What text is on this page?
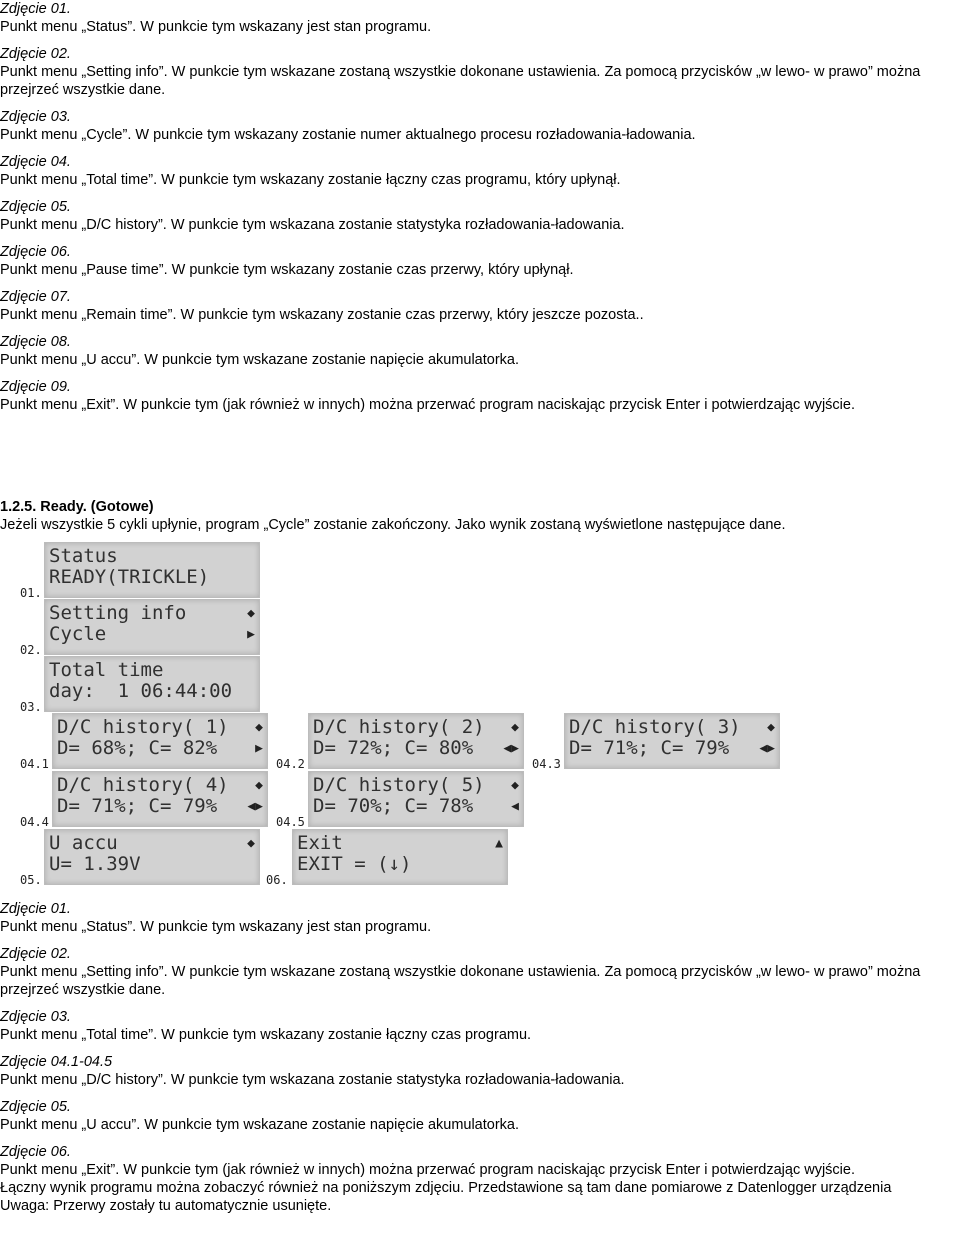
Zdjęcie 01.
Punkt menu „Status”. W punkcie tym wskazany jest stan programu.
Zdjęcie 02.
Punkt menu „Setting info”. W punkcie tym wskazane zostaną wszystkie dokonane ustawienia. Za pomocą przycisków „w lewo- w prawo” można przejrzeć wszystkie dane.
Zdjęcie 03.
Punkt menu „Cycle”. W punkcie tym wskazany zostanie numer aktualnego procesu rozładowania-ładowania.
Zdjęcie 04.
Punkt menu „Total time”. W punkcie tym wskazany zostanie łączny czas programu, który upłynął.
Zdjęcie 05.
Punkt menu „D/C history”. W punkcie tym wskazana zostanie statystyka rozładowania-ładowania.
Zdjęcie 06.
Punkt menu „Pause time”. W punkcie tym wskazany zostanie czas przerwy, który upłynął.
Zdjęcie 07.
Punkt menu „Remain time”. W punkcie tym wskazany zostanie czas przerwy, który jeszcze pozosta..
Zdjęcie 08.
Punkt menu „U accu”. W punkcie tym wskazane zostanie napięcie akumulatorka.
Zdjęcie 09.
Punkt menu „Exit”. W punkcie tym (jak również w innych) można przerwać program naciskając przycisk Enter i potwierdzając wyjście.
1.2.5. Ready. (Gotowe)
Jeżeli wszystkie 5 cykli upłynie, program „Cycle” zostanie zakończony. Jako wynik zostaną wyświetlone następujące dane.
01.
Status
READY(TRICKLE)
02.
Setting info
Cycle
◆
▶
03.
Total time
day:  1 06:44:00
04.1
D/C history( 1)
D= 68%; C= 82%
◆
▶
04.2
D/C history( 2)
D= 72%; C= 80%
◆
◀▶
04.3
D/C history( 3)
D= 71%; C= 79%
◆
◀▶
04.4
D/C history( 4)
D= 71%; C= 79%
◆
◀▶
04.5
D/C history( 5)
D= 70%; C= 78%
◆
◀
05.
U accu
U= 1.39V
◆
06.
Exit
EXIT = (↓)
▲
Zdjęcie 01.
Punkt menu „Status”. W punkcie tym wskazany jest stan programu.
Zdjęcie 02.
Punkt menu „Setting info”. W punkcie tym wskazane zostaną wszystkie dokonane ustawienia. Za pomocą przycisków „w lewo- w prawo” można przejrzeć wszystkie dane.
Zdjęcie 03.
Punkt menu „Total time”. W punkcie tym wskazany zostanie łączny czas programu.
Zdjęcie 04.1-04.5
Punkt menu „D/C history”. W punkcie tym wskazana zostanie statystyka rozładowania-ładowania.
Zdjęcie 05.
Punkt menu „U accu”. W punkcie tym wskazane zostanie napięcie akumulatorka.
Zdjęcie 06.
Punkt menu „Exit”. W punkcie tym (jak również w innych) można przerwać program naciskając przycisk Enter i potwierdzając wyjście.
Łączny wynik programu można zobaczyć również na poniższym zdjęciu. Przedstawione są tam dane pomiarowe z Datenlogger urządzenia
Uwaga: Przerwy zostały tu automatycznie usunięte.
